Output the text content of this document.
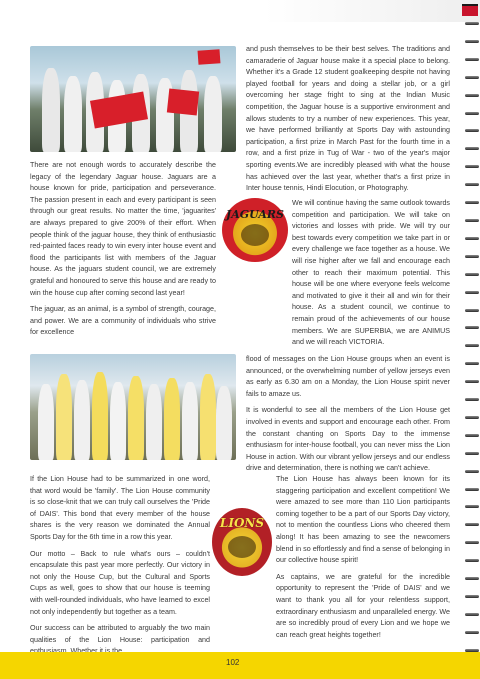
and push themselves to be their best selves. The traditions and camaraderie of Jaguar house make it a special place to belong. Whether it's a Grade 12 student goalkeeping despite not having played football for years and doing a stellar job, or a girl overcoming her stage fright to sing at the Indian Music competition, the Jaguar house is a supportive environment and allows students to try a number of new experiences. This year, we have performed brilliantly at Sports Day with astounding participation, a first prize in March Past for the fourth time in a row, and a first prize in Tug of War - two of the year's major sporting events.We are incredibly pleased with what the house has achieved over the last year, whether that's a first prize in Inter house tennis, Hindi Elocution, or Photography.

There are not enough words to accurately describe the legacy of the legendary Jaguar house. Jaguars are a house known for pride, participation and perseverance. The passion present in each and every participant is seen through our great results. No matter the time, 'jaguarites' are always prepared to give 200% of their effort. When people think of the jaguar house, they think of enthusiastic red-painted faces ready to win every inter house event and flood the participants list with members of the Jaguar house. As the jaguars student council, we are extremely grateful and honoured to serve this house and are ready to win the house cup after coming second last year!

The jaguar, as an animal, is a symbol of strength, courage, and power. We are a community of individuals who strive for excellence

JAGUARS

We will continue having the same outlook towards competition and participation. We will take on victories and losses with pride. We will try our best towards every competition we take part in or every challenge we face together as a house. We will rise higher after we fall and encourage each other to reach their maximum potential. This house will be one where everyone feels welcome and motivated to give it their all and win for their house. As a student council, we continue to remain proud of the achievements of our house members. We are SUPERBIA, we are ANIMUS and we will reach VICTORIA.

flood of messages on the Lion House groups when an event is announced, or the overwhelming number of yellow jerseys even as early as 6.30 am on a Monday, the Lion House spirit never fails to amaze us.

It is wonderful to see all the members of the Lion House get involved in events and support and encourage each other. From the constant chanting on Sports Day to the immense enthusiasm for inter-house football, you can never miss the Lion House in action. With our vibrant yellow jerseys and our endless drive and determination, there is nothing we can't achieve.

If the Lion House had to be summarized in one word, that word would be 'family'. The Lion House community is so close-knit that we can truly call ourselves the 'Pride of DAIS'. This bond that every member of the house shares is the very reason we dominated the Annual Sports Day for the 6th time in a row this year.

Our motto – Back to rule what's ours – couldn't encapsulate this past year more perfectly. Our victory in not only the House Cup, but the Cultural and Sports Cups as well, goes to show that our house is teeming with well-rounded individuals, who have learned to excel not only independently but together as a team.

Our success can be attributed to arguably the two main qualities of the Lion House: participation and

LIONS

The Lion House has always been known for its staggering participation and excellent competition! We were amazed to see more than 110 Lion participants coming together to be a part of our Sports Day victory, not to mention the countless Lions who cheered them along! It has been amazing to see the newcomers blend in so effortlessly and find a sense of belonging in our collective house spirit!

As captains, we are grateful for the incredible opportunity to represent the 'Pride of DAIS' and we want to thank you all for your relentless support, extraordinary enthusiasm and unparalleled energy. We are so incredibly proud of every Lion and we hope we can reach great heights together!

102
